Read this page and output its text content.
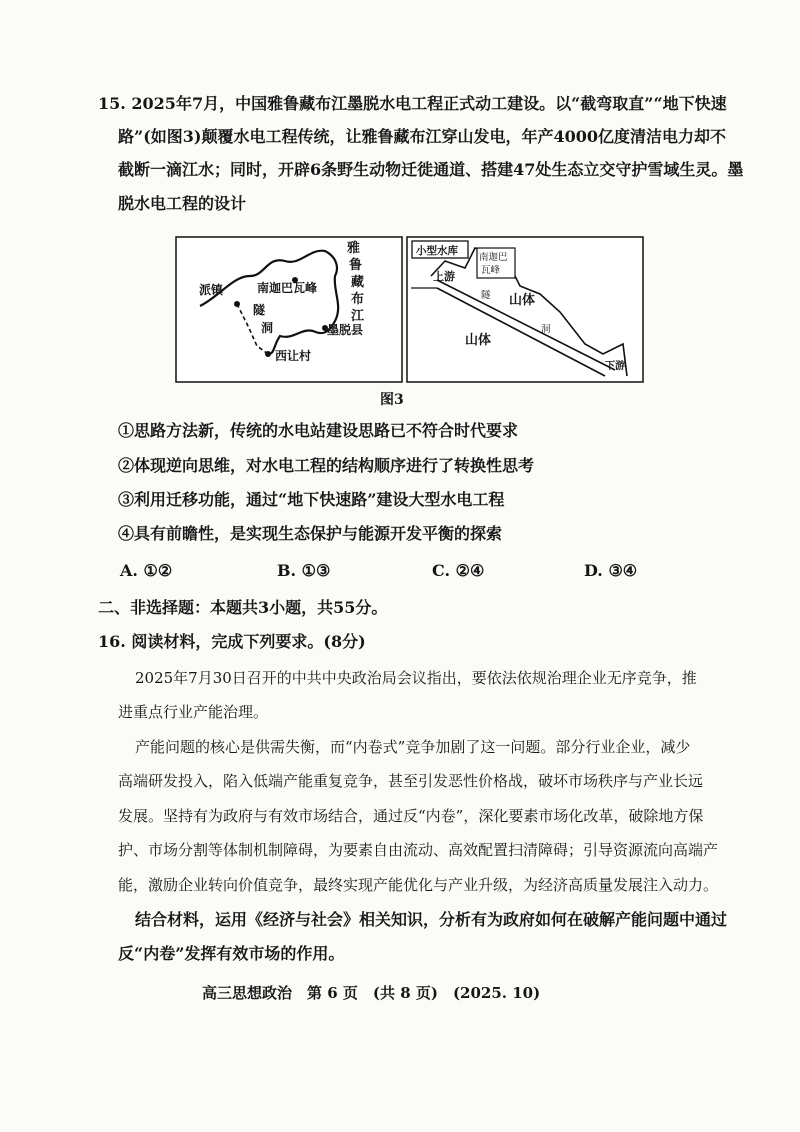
15. 2025年7月，中国雅鲁藏布江墨脱水电工程正式动工建设。以“截弯取直”“地下快速
路”(如图3)颠覆水电工程传统，让雅鲁藏布江穿山发电，年产4000亿度清洁电力却不
截断一滴江水；同时，开辟6条野生动物迁徙通道、搭建47处生态立交守护雪域生灵。墨
脱水电工程的设计
雅
鲁
藏
布
江
派镇	南迦巴瓦峰
隧
洞	墨脱县
西让村
小型水库
南迦巴
瓦峰
上游
隧
洞
山体
山体
下游
图3
①思路方法新，传统的水电站建设思路已不符合时代要求
②体现逆向思维，对水电工程的结构顺序进行了转换性思考
③利用迁移功能，通过“地下快速路”建设大型水电工程
④具有前瞻性，是实现生态保护与能源开发平衡的探索
A. ①②	B. ①③	C. ②④	D. ③④
二、非选择题：本题共3小题，共55分。
16. 阅读材料，完成下列要求。(8分)
2025年7月30日召开的中共中央政治局会议指出，要依法依规治理企业无序竞争，推
进重点行业产能治理。
产能问题的核心是供需失衡，而“内卷式”竞争加剧了这一问题。部分行业企业，减少
高端研发投入，陷入低端产能重复竞争，甚至引发恶性价格战，破坏市场秩序与产业长远
发展。坚持有为政府与有效市场结合，通过反“内卷”，深化要素市场化改革，破除地方保
护、市场分割等体制机制障碍，为要素自由流动、高效配置扫清障碍；引导资源流向高端产
能，激励企业转向价值竞争，最终实现产能优化与产业升级，为经济高质量发展注入动力。
结合材料，运用《经济与社会》相关知识，分析有为政府如何在破解产能问题中通过
反“内卷”发挥有效市场的作用。
高三思想政治　第 6 页　(共 8 页)　(2025. 10)
